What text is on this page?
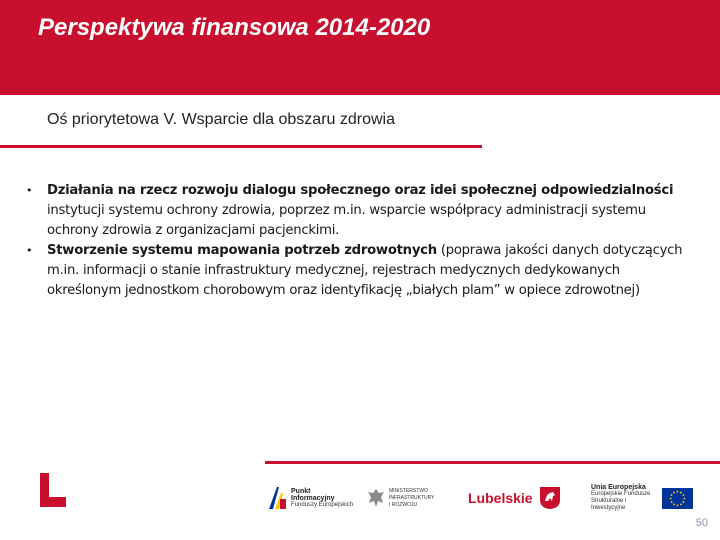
Perspektywa finansowa 2014-2020
Oś priorytetowa V. Wsparcie dla obszaru zdrowia
• Działania na rzecz rozwoju dialogu społecznego oraz idei społecznej odpowiedzialności instytucji systemu ochrony zdrowia, poprzez m.in. wsparcie współpracy administracji systemu ochrony zdrowia z organizacjami pacjenckimi.
• Stworzenie systemu mapowania potrzeb zdrowotnych (poprawa jakości danych dotyczących m.in. informacji o stanie infrastruktury medycznej, rejestrach medycznych dedykowanych określonym jednostkom chorobowym oraz identyfikację „białych plam” w opiece zdrowotnej)
Punkt
Informacyjny
Funduszy Europejskich
MINISTERSTWO
INFRASTRUKTURY
I ROZWOJU	Lubelskie
Unia Europejska
Europejskie Fundusze
Strukturalne i Inwestycyjne
50
